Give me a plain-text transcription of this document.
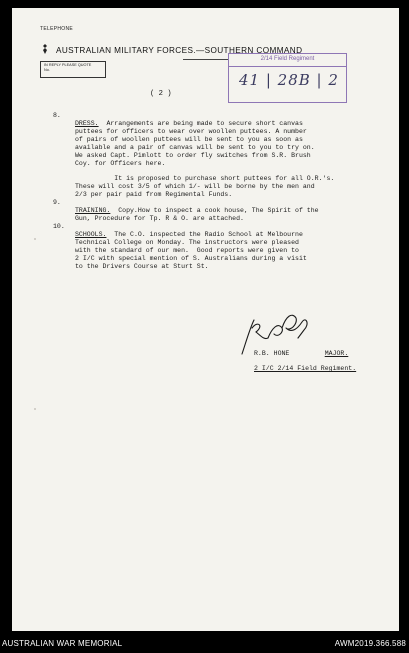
TELEPHONE
AUSTRALIAN MILITARY FORCES.—SOUTHERN COMMAND
IN REPLY PLEASE QUOTE
No.
2/14 Field Regiment
41 | 28B | 2
( 2 )
8.

DRESS. Arrangements are being made to secure short canvas
puttees for officers to wear over woollen puttees. A number
of pairs of woollen puttees will be sent to you as soon as
available and a pair of canvas will be sent to you to try on.
We asked Capt. Pimlott to order fly switches from S.R. Brush
Coy. for Officers here.

It is proposed to purchase short puttees for all O.R.'s.
These will cost 3/5 of which 1/- will be borne by the men and
2/3 per pair paid from Regimental Funds.

9.

TRAINING. Copy.How to inspect a cook house, The Spirit of the
Gun, Procedure for Tp. R & O. are attached.

10.

SCHOOLS. The C.O. inspected the Radio School at Melbourne
Technical College on Monday. The instructors were pleased
with the standard of our men.  Good reports were given to
2 I/C with special mention of S. Australians during a visit
to the Drivers Course at Sturt St.

R.B. HONE	MAJOR.
2 I/C 2/14 Field Regiment.
AUSTRALIAN WAR MEMORIAL	AWM2019.366.588
